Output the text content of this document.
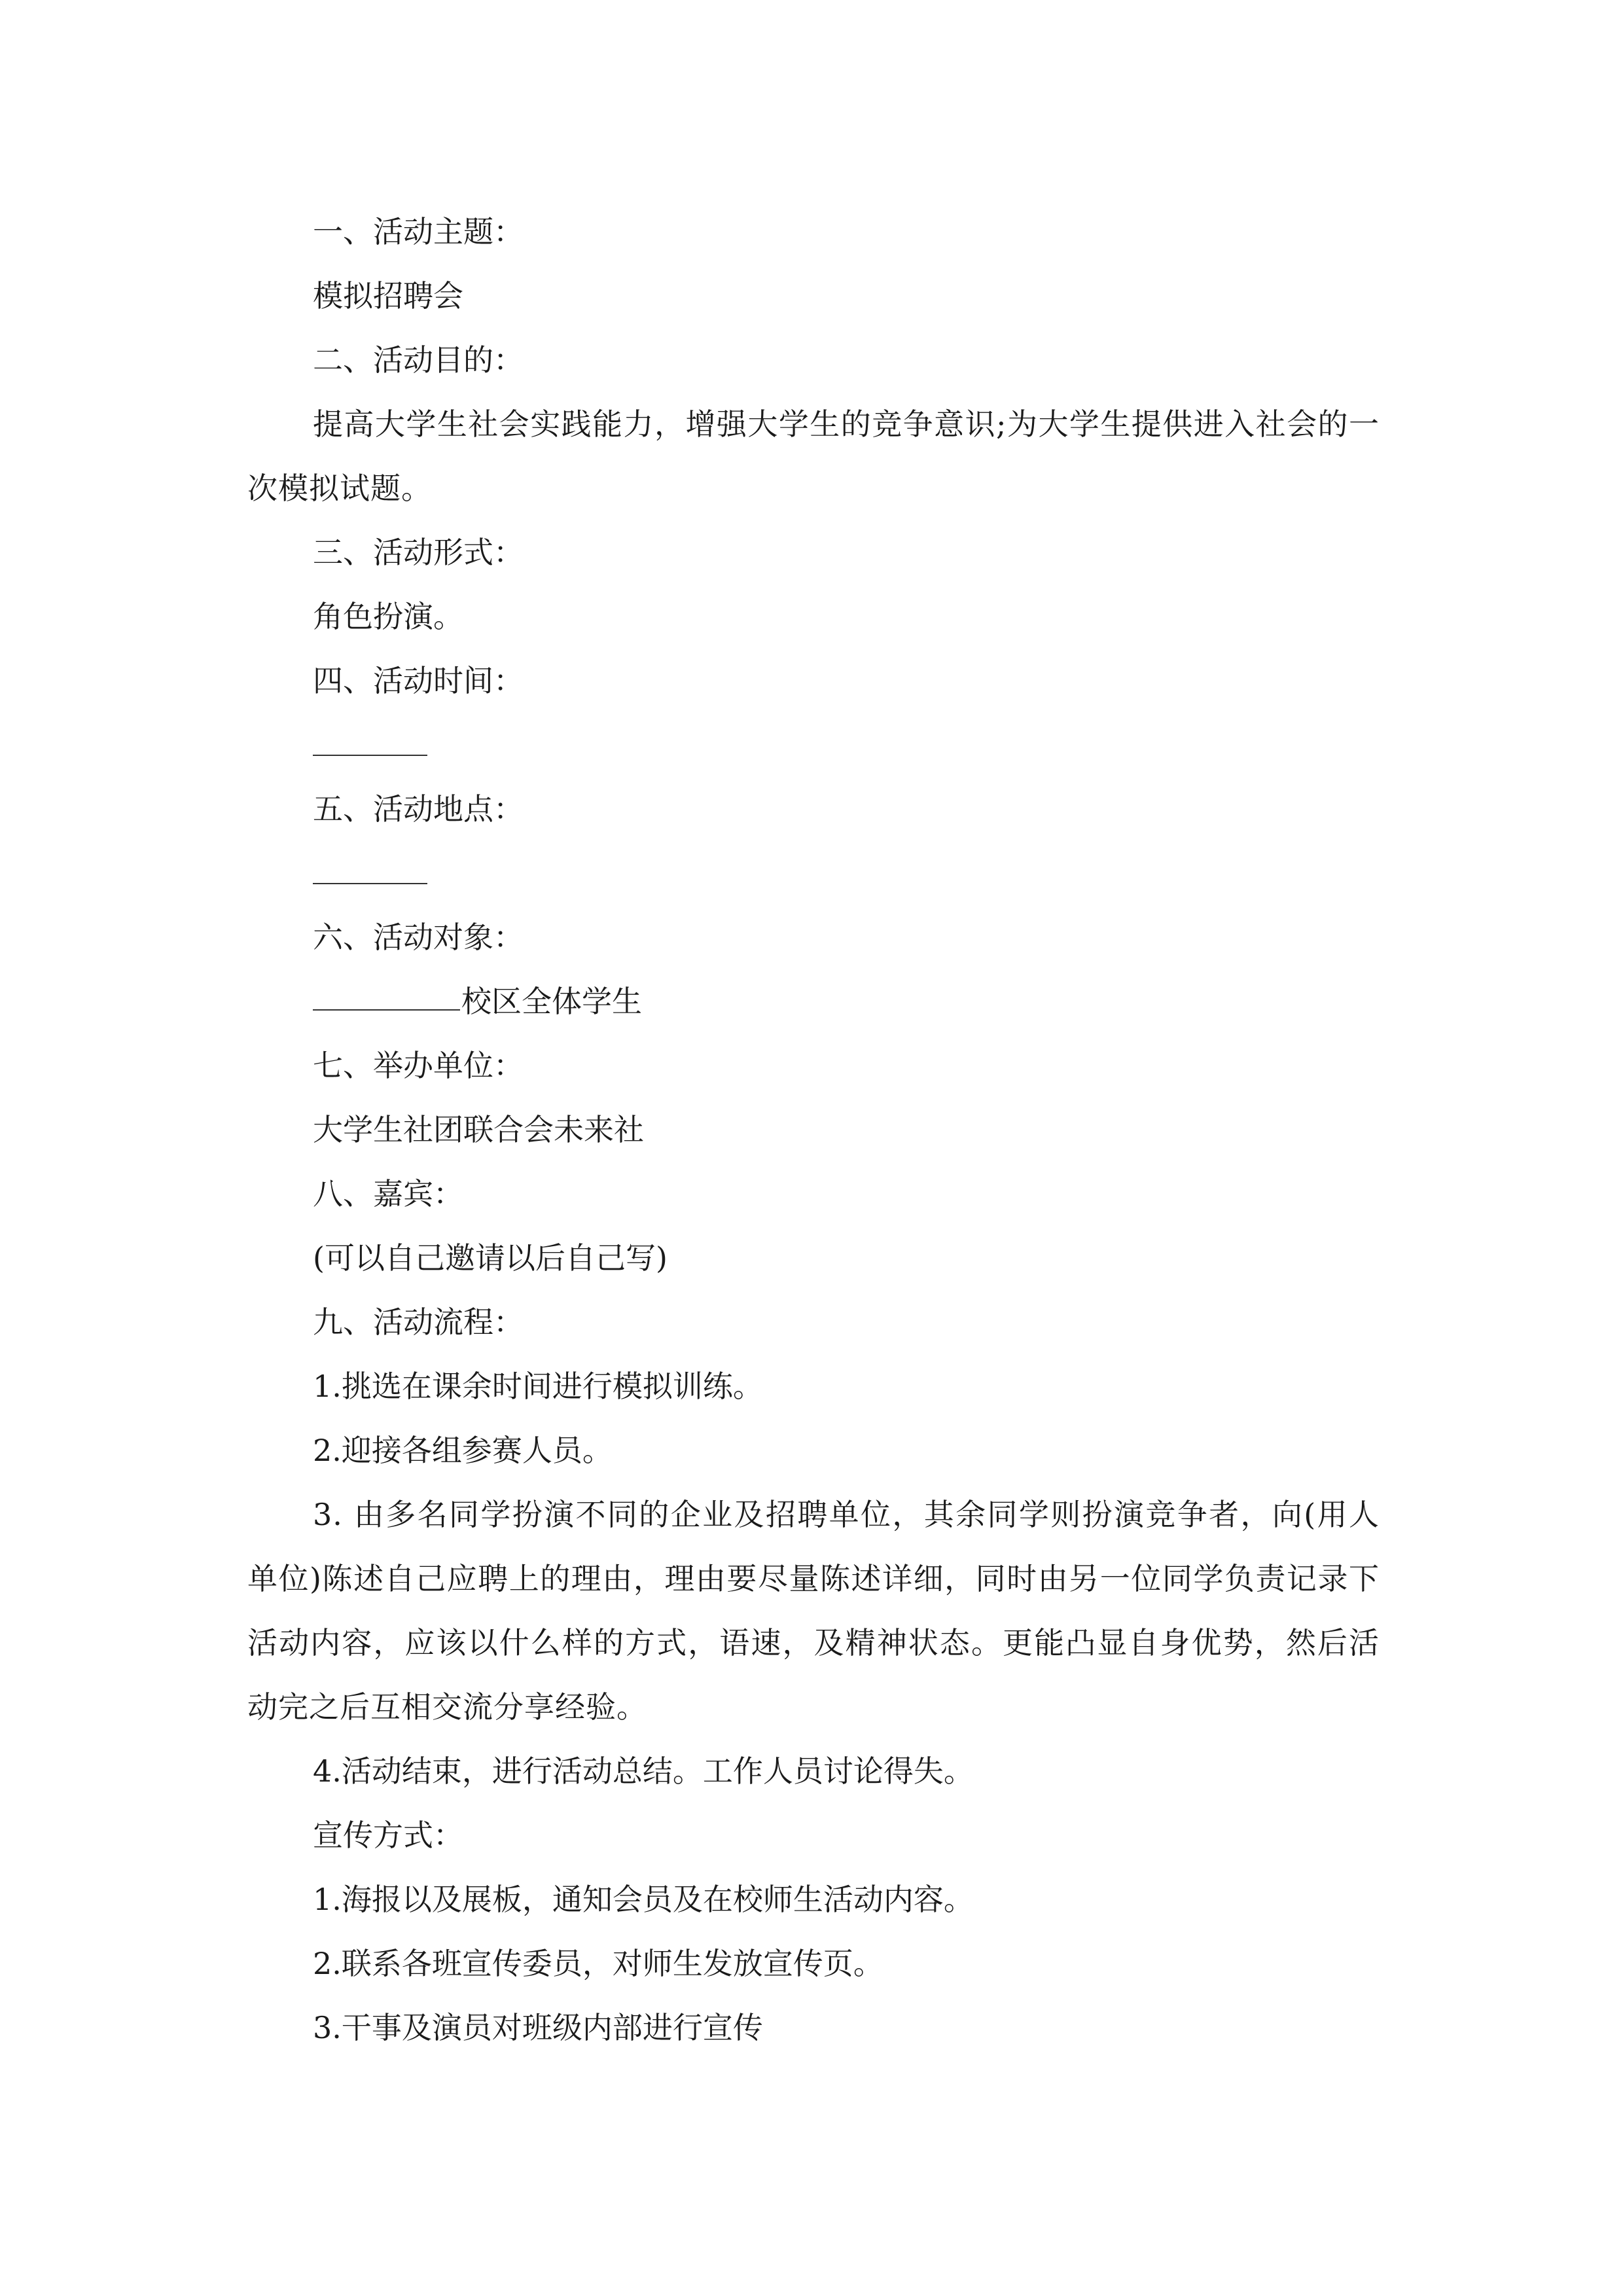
一、活动主题：

模拟招聘会

二、活动目的：

提高大学生社会实践能力，增强大学生的竞争意识;为大学生提供进入社会的一次模拟试题。

三、活动形式：

角色扮演。

四、活动时间：

五、活动地点：

六、活动对象：

校区全体学生

七、举办单位：

大学生社团联合会未来社

八、嘉宾：

(可以自己邀请以后自己写)

九、活动流程：

1.挑选在课余时间进行模拟训练。

2.迎接各组参赛人员。

3. 由多名同学扮演不同的企业及招聘单位，其余同学则扮演竞争者，向(用人单位)陈述自己应聘上的理由，理由要尽量陈述详细，同时由另一位同学负责记录下活动内容，应该以什么样的方式，语速，及精神状态。更能凸显自身优势，然后活动完之后互相交流分享经验。

4.活动结束，进行活动总结。工作人员讨论得失。

宣传方式：

1.海报以及展板，通知会员及在校师生活动内容。

2.联系各班宣传委员，对师生发放宣传页。

3.干事及演员对班级内部进行宣传
